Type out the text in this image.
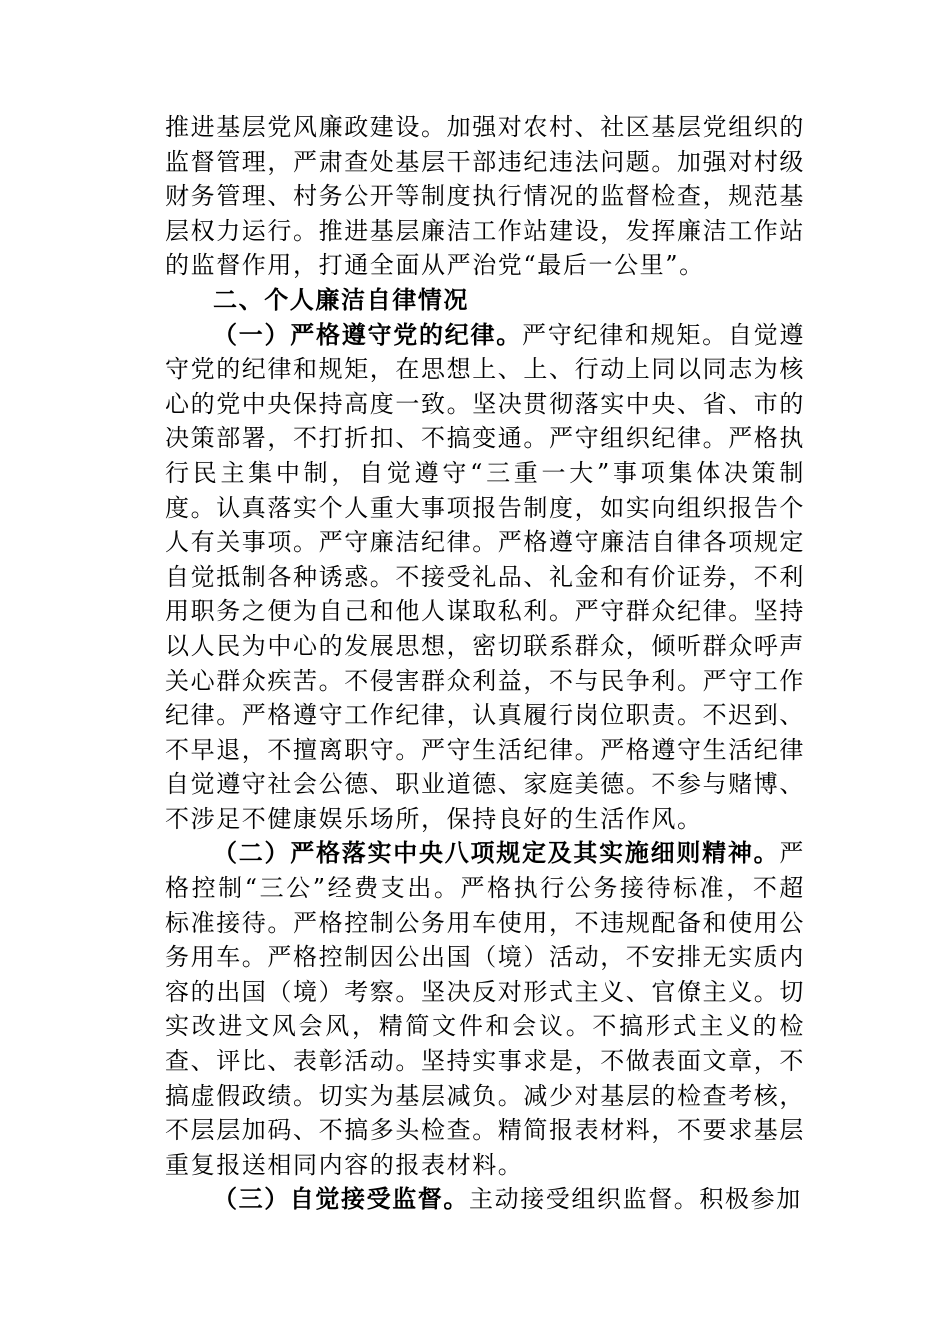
推进基层党风廉政建设。加强对农村、社区基层党组织的监督管理，严肃查处基层干部违纪违法问题。加强对村级财务管理、村务公开等制度执行情况的监督检查，规范基层权力运行。推进基层廉洁工作站建设，发挥廉洁工作站的监督作用，打通全面从严治党“最后一公里”。

二、个人廉洁自律情况

（一）严格遵守党的纪律。严守纪律和规矩。自觉遵守党的纪律和规矩，在思想上、上、行动上同以同志为核心的党中央保持高度一致。坚决贯彻落实中央、省、市的决策部署，不打折扣、不搞变通。严守组织纪律。严格执行民主集中制，自觉遵守“三重一大”事项集体决策制度。认真落实个人重大事项报告制度，如实向组织报告个人有关事项。严守廉洁纪律。严格遵守廉洁自律各项规定自觉抵制各种诱惑。不接受礼品、礼金和有价证券，不利用职务之便为自己和他人谋取私利。严守群众纪律。坚持以人民为中心的发展思想，密切联系群众，倾听群众呼声关心群众疾苦。不侵害群众利益，不与民争利。严守工作纪律。严格遵守工作纪律，认真履行岗位职责。不迟到、不早退，不擅离职守。严守生活纪律。严格遵守生活纪律自觉遵守社会公德、职业道德、家庭美德。不参与赌博、不涉足不健康娱乐场所，保持良好的生活作风。

（二）严格落实中央八项规定及其实施细则精神。严格控制“三公”经费支出。严格执行公务接待标准，不超标准接待。严格控制公务用车使用，不违规配备和使用公务用车。严格控制因公出国（境）活动，不安排无实质内容的出国（境）考察。坚决反对形式主义、官僚主义。切实改进文风会风，精简文件和会议。不搞形式主义的检查、评比、表彰活动。坚持实事求是，不做表面文章，不搞虚假政绩。切实为基层减负。减少对基层的检查考核，不层层加码、不搞多头检查。精简报表材料，不要求基层重复报送相同内容的报表材料。

（三）自觉接受监督。主动接受组织监督。积极参加
